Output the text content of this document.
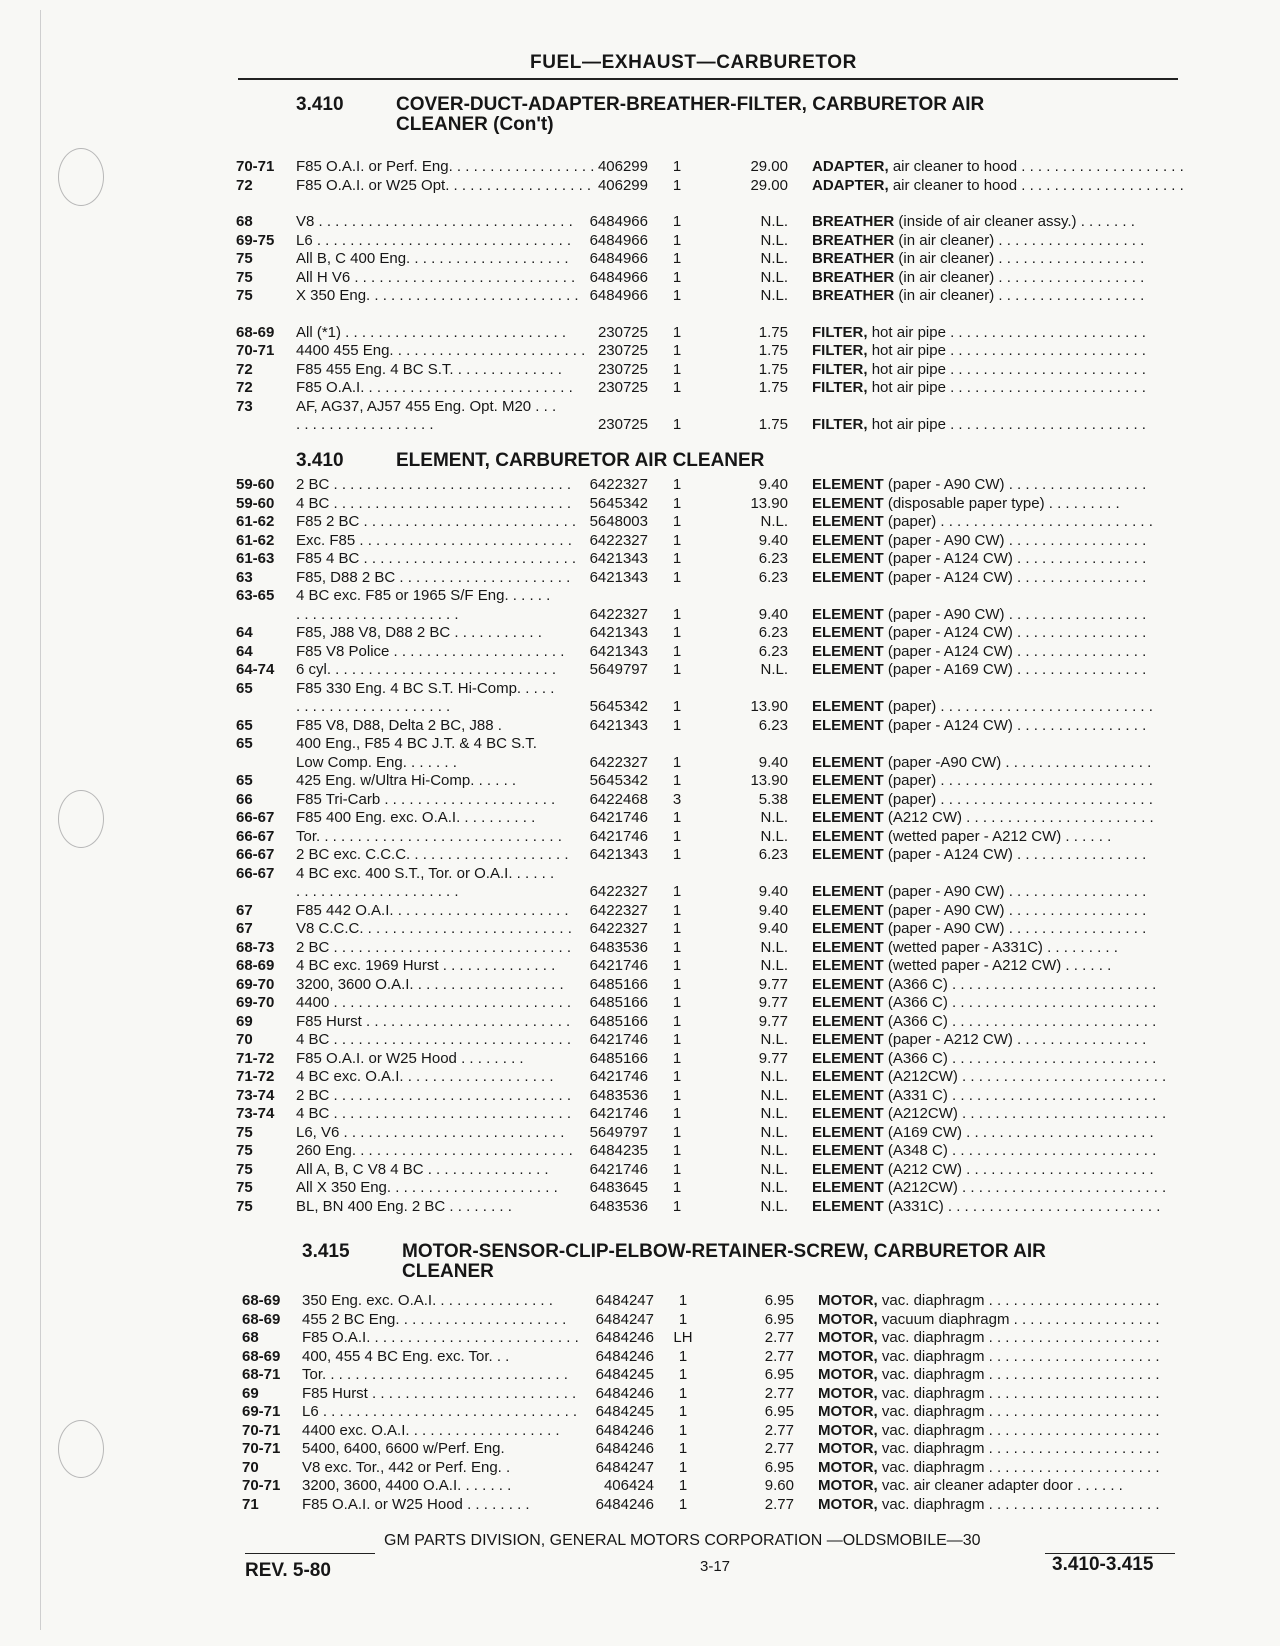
FUEL—EXHAUST—CARBURETOR
3.410	COVER-DUCT-ADAPTER-BREATHER-FILTER, CARBURETOR AIR
CLEANER (Con't)
70-71	F85 O.A.I. or Perf. Eng. . . . . . . . . . . . . . . . . . 406299	1	29.00 ADAPTER, air cleaner to hood . . . . . . . . . . . . . . . . . . . .
72	F85 O.A.I. or W25 Opt. . . . . . . . . . . . . . . . . . 406299	1	29.00 ADAPTER, air cleaner to hood . . . . . . . . . . . . . . . . . . . .
68	V8 . . . . . . . . . . . . . . . . . . . . . . . . . . . . . . .	6484966	1	N.L. BREATHER (inside of air cleaner assy.) . . . . . . .
69-75	L6 . . . . . . . . . . . . . . . . . . . . . . . . . . . . . . .	6484966	1	N.L. BREATHER (in air cleaner) . . . . . . . . . . . . . . . . . .
75	All B, C 400 Eng. . . . . . . . . . . . . . . . . . . .	6484966	1	N.L. BREATHER (in air cleaner) . . . . . . . . . . . . . . . . . .
75	All H V6 . . . . . . . . . . . . . . . . . . . . . . . . . . . 6484966	1	N.L. BREATHER (in air cleaner) . . . . . . . . . . . . . . . . . .
75	X 350 Eng. . . . . . . . . . . . . . . . . . . . . . . . . . 6484966	1	N.L. BREATHER (in air cleaner) . . . . . . . . . . . . . . . . . .
68-69	All (*1) . . . . . . . . . . . . . . . . . . . . . . . . . . .	230725	1	1.75 FILTER, hot air pipe . . . . . . . . . . . . . . . . . . . . . . . .
70-71	4400 455 Eng. . . . . . . . . . . . . . . . . . . . . . . . 230725	1	1.75 FILTER, hot air pipe . . . . . . . . . . . . . . . . . . . . . . . .
72	F85 455 Eng. 4 BC S.T. . . . . . . . . . . . . .	230725	1	1.75 FILTER, hot air pipe . . . . . . . . . . . . . . . . . . . . . . . .
72	F85 O.A.I. . . . . . . . . . . . . . . . . . . . . . . . . .	230725	1	1.75 FILTER, hot air pipe . . . . . . . . . . . . . . . . . . . . . . . .
73	AF, AG37, AJ57 455 Eng. Opt. M20 . . . . . . . . . . . . . . . . . . . .	230725	1	1.75 FILTER, hot air pipe . . . . . . . . . . . . . . . . . . . . . . . .
3.410	ELEMENT, CARBURETOR AIR CLEANER
59-60	2 BC . . . . . . . . . . . . . . . . . . . . . . . . . . . . .	6422327	1	9.40 ELEMENT (paper - A90 CW) . . . . . . . . . . . . . . . . .
59-60	4 BC . . . . . . . . . . . . . . . . . . . . . . . . . . . . .	5645342	1	13.90 ELEMENT (disposable paper type) . . . . . . . . .
61-62	F85 2 BC . . . . . . . . . . . . . . . . . . . . . . . . . . 5648003	1	N.L. ELEMENT (paper) . . . . . . . . . . . . . . . . . . . . . . . . . .
61-62	Exc. F85 . . . . . . . . . . . . . . . . . . . . . . . . . .	6422327	1	9.40 ELEMENT (paper - A90 CW) . . . . . . . . . . . . . . . . .
61-63	F85 4 BC . . . . . . . . . . . . . . . . . . . . . . . . . . 6421343	1	6.23 ELEMENT (paper - A124 CW) . . . . . . . . . . . . . . . .
63	F85, D88 2 BC . . . . . . . . . . . . . . . . . . . . .	6421343	1	6.23 ELEMENT (paper - A124 CW) . . . . . . . . . . . . . . . .
63-65	4 BC exc. F85 or 1965 S/F Eng. . . . . . . . . . . . . . . . . . . . . . . . . .	6422327	1	9.40 ELEMENT (paper - A90 CW) . . . . . . . . . . . . . . . . .
64	F85, J88 V8, D88 2 BC . . . . . . . . . . .	6421343	1	6.23 ELEMENT (paper - A124 CW) . . . . . . . . . . . . . . . .
64	F85 V8 Police . . . . . . . . . . . . . . . . . . . . .	6421343	1	6.23 ELEMENT (paper - A124 CW) . . . . . . . . . . . . . . . .
64-74	6 cyl. . . . . . . . . . . . . . . . . . . . . . . . . . . .	5649797	1	N.L. ELEMENT (paper - A169 CW) . . . . . . . . . . . . . . . .
65	F85 330 Eng. 4 BC S.T. Hi-Comp. . . . . . . . . . . . . . . . . . . . . . . .	5645342	1	13.90 ELEMENT (paper) . . . . . . . . . . . . . . . . . . . . . . . . . .
65	F85 V8, D88, Delta 2 BC, J88 .	6421343	1	6.23 ELEMENT (paper - A124 CW) . . . . . . . . . . . . . . . .
65	400 Eng., F85 4 BC J.T. & 4 BC S.T. Low Comp. Eng. . . . . . .	6422327	1	9.40 ELEMENT (paper -A90 CW) . . . . . . . . . . . . . . . . . .
65	425 Eng. w/Ultra Hi-Comp. . . . . .	5645342	1	13.90 ELEMENT (paper) . . . . . . . . . . . . . . . . . . . . . . . . . .
66	F85 Tri-Carb . . . . . . . . . . . . . . . . . . . . .	6422468	3	5.38 ELEMENT (paper) . . . . . . . . . . . . . . . . . . . . . . . . . .
66-67	F85 400 Eng. exc. O.A.I. . . . . . . . . .	6421746	1	N.L. ELEMENT (A212 CW) . . . . . . . . . . . . . . . . . . . . . . .
66-67	Tor. . . . . . . . . . . . . . . . . . . . . . . . . . . . . .	6421746	1	N.L. ELEMENT (wetted paper - A212 CW) . . . . . .
66-67	2 BC exc. C.C.C. . . . . . . . . . . . . . . . . . . .	6421343	1	6.23 ELEMENT (paper - A124 CW) . . . . . . . . . . . . . . . .
66-67	4 BC exc. 400 S.T., Tor. or O.A.I. . . . . . . . . . . . . . . . . . . . . . . . . .	6422327	1	9.40 ELEMENT (paper - A90 CW) . . . . . . . . . . . . . . . . .
67	F85 442 O.A.I. . . . . . . . . . . . . . . . . . . . . .	6422327	1	9.40 ELEMENT (paper - A90 CW) . . . . . . . . . . . . . . . . .
67	V8 C.C.C. . . . . . . . . . . . . . . . . . . . . . . . . .	6422327	1	9.40 ELEMENT (paper - A90 CW) . . . . . . . . . . . . . . . . .
68-73	2 BC . . . . . . . . . . . . . . . . . . . . . . . . . . . . .	6483536	1	N.L. ELEMENT (wetted paper - A331C) . . . . . . . . .
68-69	4 BC exc. 1969 Hurst . . . . . . . . . . . . . .	6421746	1	N.L. ELEMENT (wetted paper - A212 CW) . . . . . .
69-70	3200, 3600 O.A.I. . . . . . . . . . . . . . . . . . .	6485166	1	9.77 ELEMENT (A366 C) . . . . . . . . . . . . . . . . . . . . . . . . .
69-70	4400 . . . . . . . . . . . . . . . . . . . . . . . . . . . . .	6485166	1	9.77 ELEMENT (A366 C) . . . . . . . . . . . . . . . . . . . . . . . . .
69	F85 Hurst . . . . . . . . . . . . . . . . . . . . . . . . .	6485166	1	9.77 ELEMENT (A366 C) . . . . . . . . . . . . . . . . . . . . . . . . .
70	4 BC . . . . . . . . . . . . . . . . . . . . . . . . . . . . .	6421746	1	N.L. ELEMENT (paper - A212 CW) . . . . . . . . . . . . . . . .
71-72	F85 O.A.I. or W25 Hood . . . . . . . .	6485166	1	9.77 ELEMENT (A366 C) . . . . . . . . . . . . . . . . . . . . . . . . .
71-72	4 BC exc. O.A.I. . . . . . . . . . . . . . . . . . .	6421746	1	N.L. ELEMENT (A212CW) . . . . . . . . . . . . . . . . . . . . . . . . .
73-74	2 BC . . . . . . . . . . . . . . . . . . . . . . . . . . . . .	6483536	1	N.L. ELEMENT (A331 C) . . . . . . . . . . . . . . . . . . . . . . . . .
73-74	4 BC . . . . . . . . . . . . . . . . . . . . . . . . . . . . .	6421746	1	N.L. ELEMENT (A212CW) . . . . . . . . . . . . . . . . . . . . . . . . .
75	L6, V6 . . . . . . . . . . . . . . . . . . . . . . . . . . .	5649797	1	N.L. ELEMENT (A169 CW) . . . . . . . . . . . . . . . . . . . . . . .
75	260 Eng. . . . . . . . . . . . . . . . . . . . . . . . . . .	6484235	1	N.L. ELEMENT (A348 C) . . . . . . . . . . . . . . . . . . . . . . . . .
75	All A, B, C V8 4 BC . . . . . . . . . . . . . . .	6421746	1	N.L. ELEMENT (A212 CW) . . . . . . . . . . . . . . . . . . . . . . .
75	All X 350 Eng. . . . . . . . . . . . . . . . . . . . .	6483645	1	N.L. ELEMENT (A212CW) . . . . . . . . . . . . . . . . . . . . . . . . .
75	BL, BN 400 Eng. 2 BC . . . . . . . .	6483536	1	N.L. ELEMENT (A331C) . . . . . . . . . . . . . . . . . . . . . . . . . .
3.415	MOTOR-SENSOR-CLIP-ELBOW-RETAINER-SCREW, CARBURETOR AIR
CLEANER
68-69	350 Eng. exc. O.A.I. . . . . . . . . . . . . . .	6484247	1	6.95 MOTOR, vac. diaphragm . . . . . . . . . . . . . . . . . . . . .
68-69	455 2 BC Eng. . . . . . . . . . . . . . . . . . . . .	6484247	1	6.95 MOTOR, vacuum diaphragm . . . . . . . . . . . . . . . . . .
68	F85 O.A.I. . . . . . . . . . . . . . . . . . . . . . . . . .	6484246 LH	2.77 MOTOR, vac. diaphragm . . . . . . . . . . . . . . . . . . . . .
68-69	400, 455 4 BC Eng. exc. Tor. . .	6484246	1	2.77 MOTOR, vac. diaphragm . . . . . . . . . . . . . . . . . . . . .
68-71	Tor. . . . . . . . . . . . . . . . . . . . . . . . . . . . . .	6484245	1	6.95 MOTOR, vac. diaphragm . . . . . . . . . . . . . . . . . . . . .
69	F85 Hurst . . . . . . . . . . . . . . . . . . . . . . . . .	6484246	1	2.77 MOTOR, vac. diaphragm . . . . . . . . . . . . . . . . . . . . .
69-71	L6 . . . . . . . . . . . . . . . . . . . . . . . . . . . . . . .	6484245	1	6.95 MOTOR, vac. diaphragm . . . . . . . . . . . . . . . . . . . . .
70-71	4400 exc. O.A.I. . . . . . . . . . . . . . . . . . .	6484246	1	2.77 MOTOR, vac. diaphragm . . . . . . . . . . . . . . . . . . . . .
70-71	5400, 6400, 6600 w/Perf. Eng.	6484246	1	2.77 MOTOR, vac. diaphragm . . . . . . . . . . . . . . . . . . . . .
70	V8 exc. Tor., 442 or Perf. Eng. .	6484247	1	6.95 MOTOR, vac. diaphragm . . . . . . . . . . . . . . . . . . . . .
70-71	3200, 3600, 4400 O.A.I. . . . . . .	406424	1	9.60 MOTOR, vac. air cleaner adapter door . . . . . .
71	F85 O.A.I. or W25 Hood . . . . . . . .	6484246	1	2.77 MOTOR, vac. diaphragm . . . . . . . . . . . . . . . . . . . . .
GM PARTS DIVISION, GENERAL MOTORS CORPORATION —OLDSMOBILE—30
REV. 5-80	3-17	3.410-3.415
